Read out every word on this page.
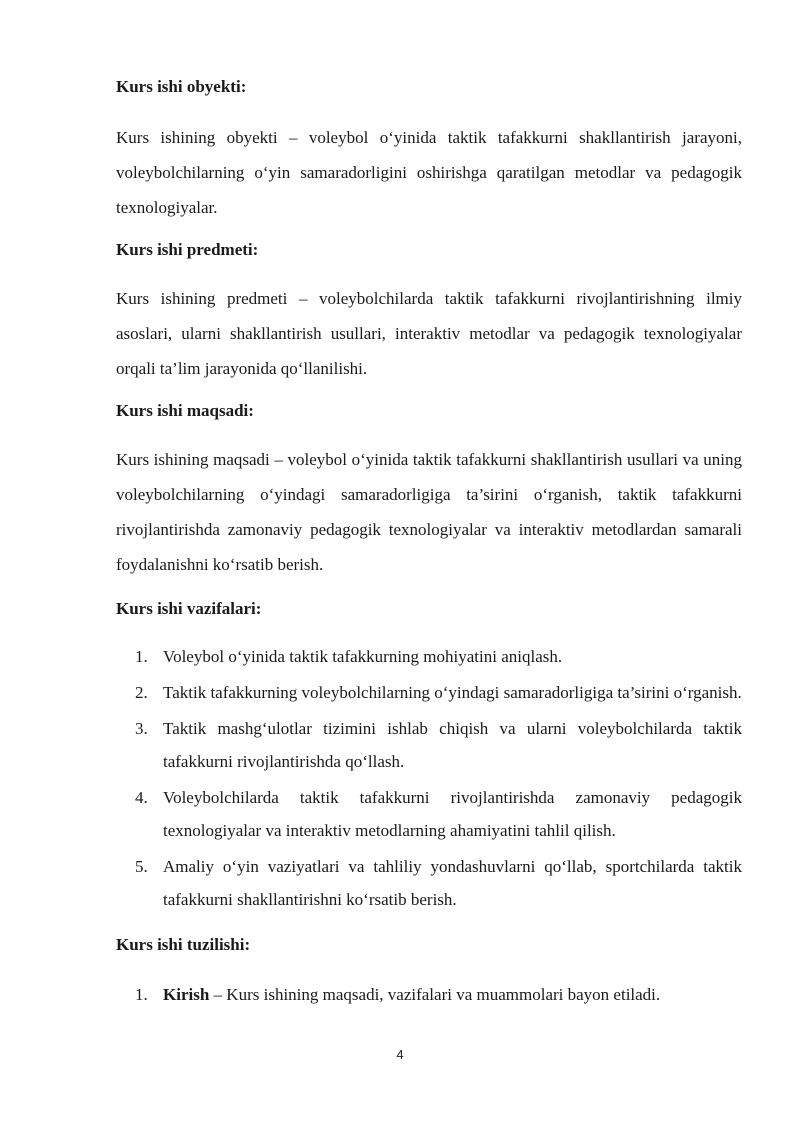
Kurs ishi obyekti:

Kurs ishining obyekti – voleybol o‘yinida taktik tafakkurni shakllantirish jarayoni, voleybolchilarning o‘yin samaradorligini oshirishga qaratilgan metodlar va pedagogik texnologiyalar.

Kurs ishi predmeti:

Kurs ishining predmeti – voleybolchilarda taktik tafakkurni rivojlantirishning ilmiy asoslari, ularni shakllantirish usullari, interaktiv metodlar va pedagogik texnologiyalar orqali ta’lim jarayonida qo‘llanilishi.

Kurs ishi maqsadi:

Kurs ishining maqsadi – voleybol o‘yinida taktik tafakkurni shakllantirish usullari va uning voleybolchilarning o‘yindagi samaradorligiga ta’sirini o‘rganish, taktik tafakkurni rivojlantirishda zamonaviy pedagogik texnologiyalar va interaktiv metodlardan samarali foydalanishni ko‘rsatib berish.

Kurs ishi vazifalari:

1. Voleybol o‘yinida taktik tafakkurning mohiyatini aniqlash.
2. Taktik tafakkurning voleybolchilarning o‘yindagi samaradorligiga ta’sirini o‘rganish.
3. Taktik mashg‘ulotlar tizimini ishlab chiqish va ularni voleybolchilarda taktik tafakkurni rivojlantirishda qo‘llash.
4. Voleybolchilarda taktik tafakkurni rivojlantirishda zamonaviy pedagogik texnologiyalar va interaktiv metodlarning ahamiyatini tahlil qilish.
5. Amaliy o‘yin vaziyatlari va tahliliy yondashuvlarni qo‘llab, sportchilarda taktik tafakkurni shakllantirishni ko‘rsatib berish.

Kurs ishi tuzilishi:

1. Kirish – Kurs ishining maqsadi, vazifalari va muammolari bayon etiladi.
4
